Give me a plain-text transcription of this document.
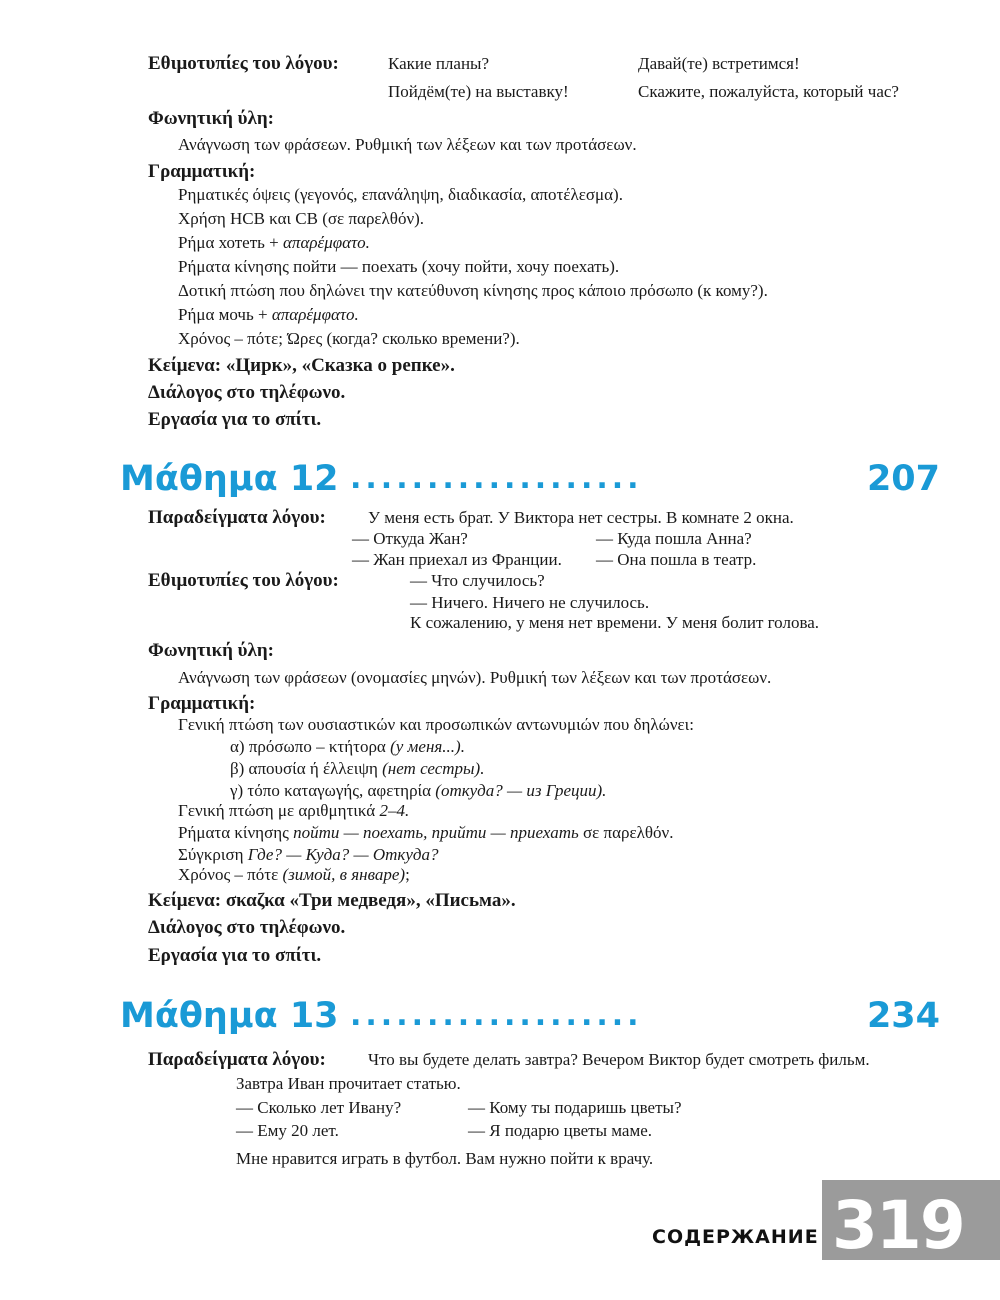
Εθιμοτυπίες του λόγου:	Какие планы?	Давай(те) встретимся!
Пойдём(те) на выставку!	Скажите, пожалуйста, который час?
Φωνητική ύλη:
Ανάγνωση των φράσεων. Ρυθμική των λέξεων και των προτάσεων.
Γραμματική:
Ρηματικές όψεις (γεγονός, επανάληψη, διαδικασία, αποτέλεσμα).
Χρήση НСВ και СВ (σε παρελθόν).
Ρήμα хотеть + απαρέμφατο.
Ρήματα κίνησης пойти — поехать (хочу пойти, хочу поехать).
Δοτική πτώση που δηλώνει την κατεύθυνση κίνησης προς κάποιο πρόσωπο (к кому?).
Ρήμα мочь + απαρέμφατο.
Χρόνος – πότε; Ώρες (когда? сколько времени?).
Κείμενα: «Цирк», «Сказка о репке».
Διάλογος στο τηλέφωνο.
Εργασία για το σπίτι.
Μάθημα 12 ...................	207
Παραδείγματα λόγου: У меня есть брат. У Виктора нет сестры. В комнате 2 окна.
— Откуда Жан?	— Куда пошла Анна?
— Жан приехал из Франции. — Она пошла в театр.
Εθιμοτυπίες του λόγου:	— Что случилось?
— Ничего. Ничего не случилось.
К сожалению, у меня нет времени. У меня болит голова.
Φωνητική ύλη:
Ανάγνωση των φράσεων (ονομασίες μηνών). Ρυθμική των λέξεων και των προτάσεων.
Γραμματική:
Γενική πτώση των ουσιαστικών και προσωπικών αντωνυμιών που δηλώνει:
α) πρόσωπο – κτήτορα (у меня...).
β) απουσία ή έλλειψη (нет сестры).
γ) τόπο καταγωγής, αφετηρία (откуда? — из Греции).
Γενική πτώση με αριθμητικά 2–4.
Ρήματα κίνησης пойти — поехать, прийти — приехать σε παρελθόν.
Σύγκριση Где? — Куда? — Откуда?
Χρόνος – πότε (зимой, в январе);
Κείμενα: σκαζκα «Три медведя», «Письма».
Διάλογος στο τηλέφωνο.
Εργασία για το σπίτι.
Μάθημα 13 ...................	234
Παραδείγματα λόγου: Что вы будете делать завтра? Вечером Виктор будет смотреть фильм.
Завтра Иван прочитает статью.
— Сколько лет Ивану?	— Кому ты подаришь цветы?
— Ему 20 лет.	— Я подарю цветы маме.
Мне нравится играть в футбол. Вам нужно пойти к врачу.
СОДЕРЖАНИЕ 319
